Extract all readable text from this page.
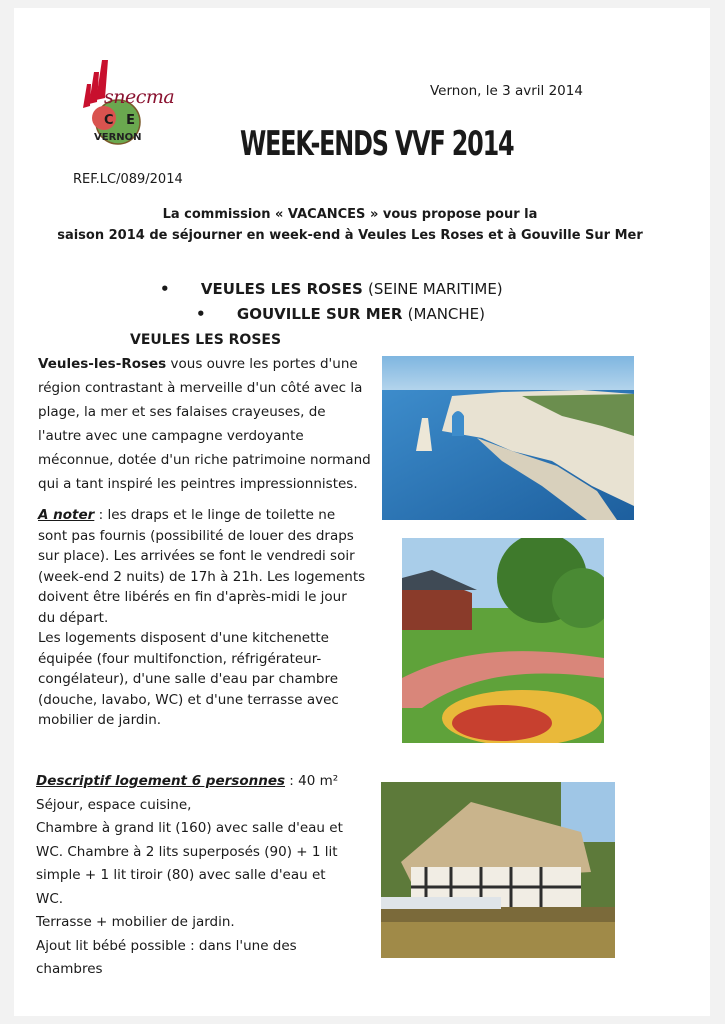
snecma
C E
VERNON
Vernon, le 3 avril 2014
WEEK-ENDS VVF 2014
REF.LC/089/2014
La commission « VACANCES » vous propose pour la
saison 2014 de séjourner en week-end à Veules Les Roses et à Gouville Sur Mer
•      VEULES LES ROSES (SEINE MARITIME)
•      GOUVILLE SUR MER (MANCHE)
VEULES LES ROSES
Veules-les-Roses vous ouvre les portes d'une
région contrastant à merveille d'un côté avec la
plage, la mer et ses falaises crayeuses, de
l'autre avec une campagne verdoyante
méconnue, dotée d'un riche patrimoine normand
qui a tant inspiré les peintres impressionnistes.
A noter : les draps et le linge de toilette ne
sont pas fournis (possibilité de louer des draps
sur place). Les arrivées se font le vendredi soir
(week-end 2 nuits) de 17h à 21h. Les logements
doivent être libérés en fin d'après-midi le jour
du départ.
Les logements disposent d'une kitchenette
équipée (four multifonction, réfrigérateur-
congélateur), d'une salle d'eau par chambre
(douche, lavabo, WC) et d'une terrasse avec
mobilier de jardin.
Descriptif logement 6 personnes : 40 m²
Séjour, espace cuisine,
Chambre à grand lit (160) avec salle d'eau et
WC. Chambre à 2 lits superposés (90) + 1 lit
simple + 1 lit tiroir (80) avec salle d'eau et
WC.
Terrasse + mobilier de jardin.
Ajout lit bébé possible : dans l'une des
chambres
